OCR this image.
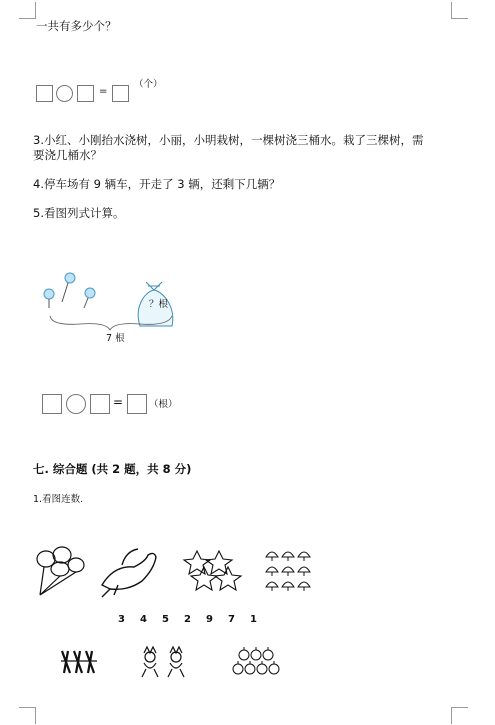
一共有多少个？
=
（个）
3.小红、小刚抬水浇树，小丽，小明栽树，一棵树浇三桶水。栽了三棵树，需
要浇几桶水？
4.停车场有 9 辆车，开走了 3 辆，还剩下几辆？
5.看图列式计算。
？根
7 根
=	（根）
七. 综合题 (共 2 题，共 8 分)
1.看图连数.
3 4 5 2 9 7 1
